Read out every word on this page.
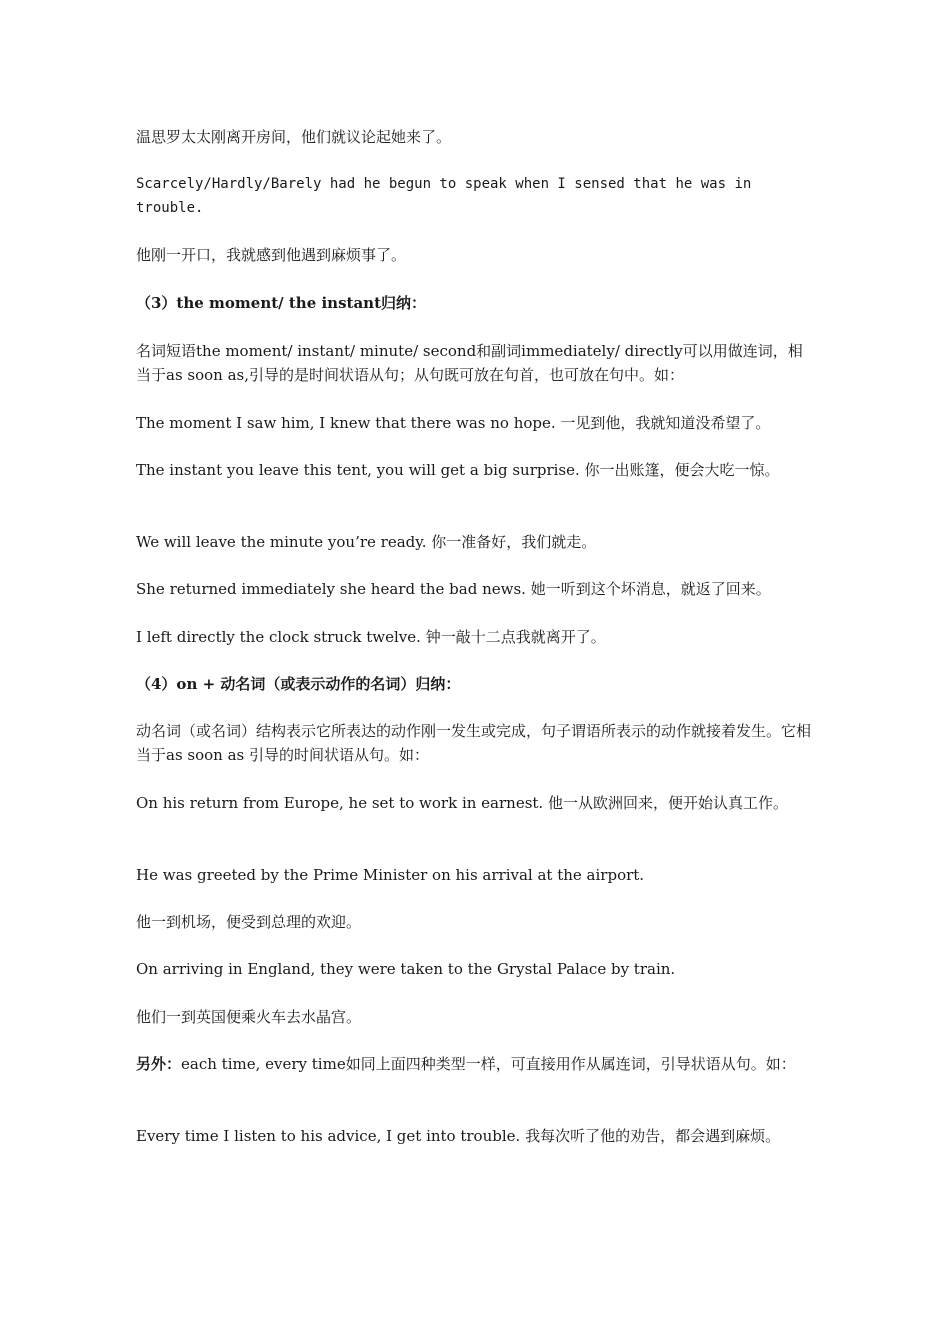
温思罗太太刚离开房间，他们就议论起她来了。
Scarcely/Hardly/Barely had he begun to speak when I sensed that he was in trouble.
他刚一开口，我就感到他遇到麻烦事了。
（3）the moment/ the instant归纳：
名词短语the moment/ instant/ minute/ second和副词immediately/ directly可以用做连词，相当于as soon as,引导的是时间状语从句；从句既可放在句首，也可放在句中。如：
The moment I saw him, I knew that there was no hope. 一见到他，我就知道没希望了。
The instant you leave this tent, you will get a big surprise. 你一出账篷，便会大吃一惊。
We will leave the minute you’re ready. 你一准备好，我们就走。
She returned immediately she heard the bad news. 她一听到这个坏消息，就返了回来。
I left directly the clock struck twelve. 钟一敲十二点我就离开了。
（4）on + 动名词（或表示动作的名词）归纳：
动名词（或名词）结构表示它所表达的动作刚一发生或完成，句子谓语所表示的动作就接着发生。它相当于as soon as 引导的时间状语从句。如：
On his return from Europe, he set to work in earnest. 他一从欧洲回来，便开始认真工作。
He was greeted by the Prime Minister on his arrival at the airport.
他一到机场，便受到总理的欢迎。
On arriving in England, they were taken to the Grystal Palace by train.
他们一到英国便乘火车去水晶宫。
另外：each time, every time如同上面四种类型一样，可直接用作从属连词，引导状语从句。如：
Every time I listen to his advice, I get into trouble. 我每次听了他的劝告，都会遇到麻烦。
